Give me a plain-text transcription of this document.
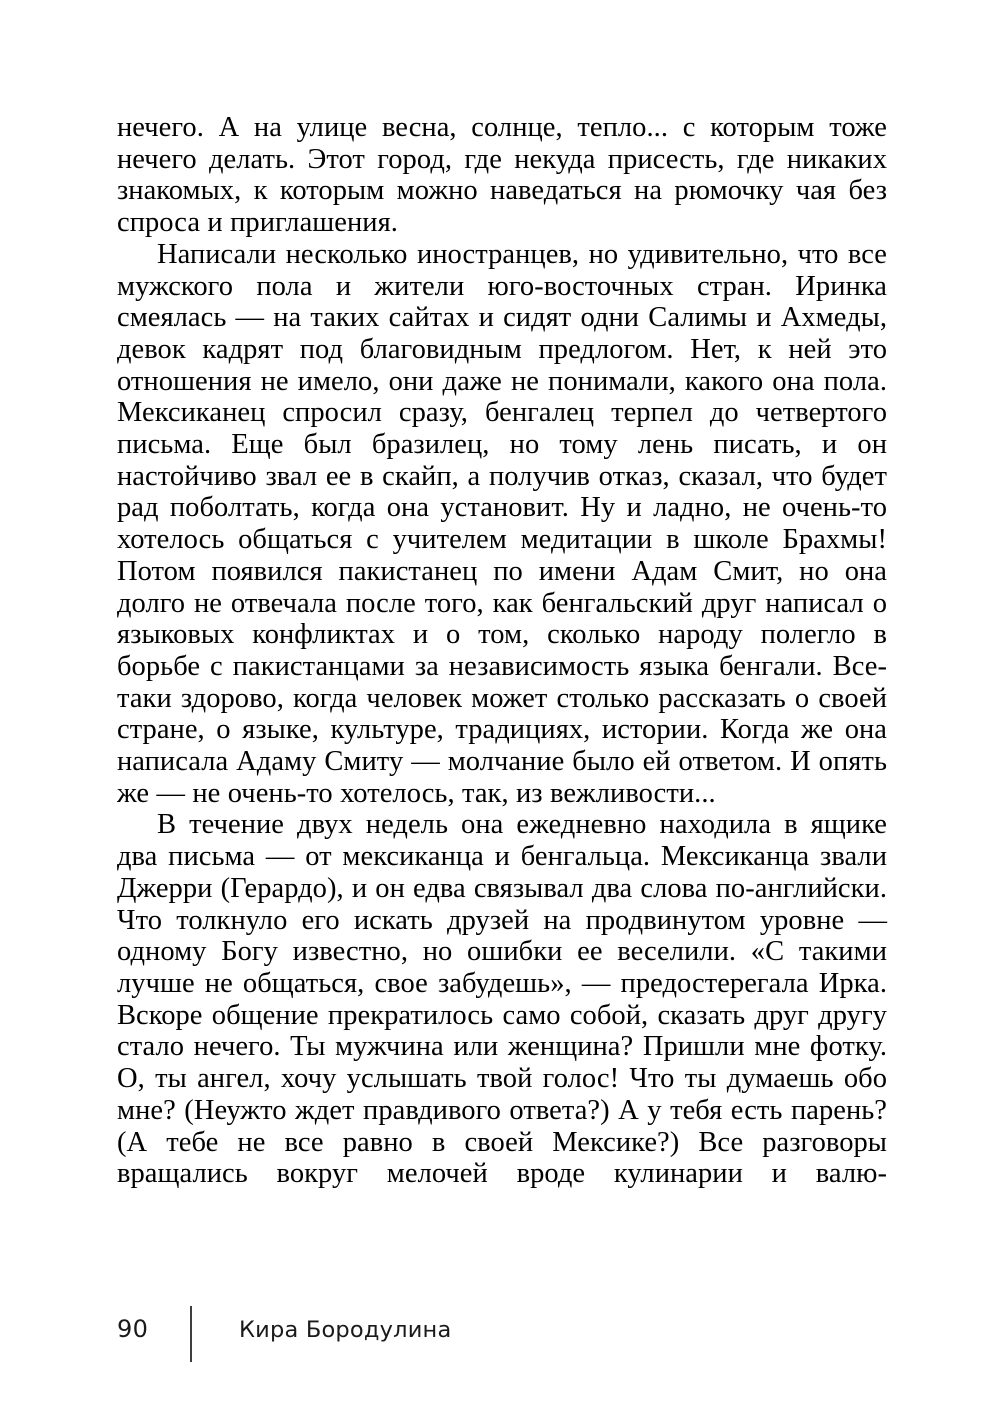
нечего. А на улице весна, солнце, тепло... с которым тоже нечего делать. Этот город, где некуда присесть, где никаких знакомых, к которым можно наведаться на рюмочку чая без спроса и приглашения.

Написали несколько иностранцев, но удивительно, что все мужского пола и жители юго-восточных стран. Иринка смеялась — на таких сайтах и сидят одни Салимы и Ахмеды, девок кадрят под благовидным предлогом. Нет, к ней это отношения не имело, они даже не понимали, какого она пола. Мексиканец спросил сразу, бенгалец терпел до четвертого письма. Еще был бразилец, но тому лень писать, и он настойчиво звал ее в скайп, а получив отказ, сказал, что будет рад поболтать, когда она установит. Ну и ладно, не очень-то хотелось общаться с учителем медитации в школе Брахмы! Потом появился пакистанец по имени Адам Смит, но она долго не отвечала после того, как бенгальский друг написал о языковых конфликтах и о том, сколько народу полегло в борьбе с пакистанцами за независимость языка бенгали. Все-таки здорово, когда человек может столько рассказать о своей стране, о языке, культуре, традициях, истории. Когда же она написала Адаму Смиту — молчание было ей ответом. И опять же — не очень-то хотелось, так, из вежливости...

В течение двух недель она ежедневно находила в ящике два письма — от мексиканца и бенгальца. Мексиканца звали Джерри (Герардо), и он едва связывал два слова по-английски. Что толкнуло его искать друзей на продвинутом уровне — одному Богу известно, но ошибки ее веселили. «С такими лучше не общаться, свое забудешь», — предостерегала Ирка. Вскоре общение прекратилось само собой, сказать друг другу стало нечего. Ты мужчина или женщина? Пришли мне фотку. О, ты ангел, хочу услышать твой голос! Что ты думаешь обо мне? (Неужто ждет правдивого ответа?) А у тебя есть парень? (А тебе не все равно в своей Мексике?) Все разговоры вращались вокруг мелочей вроде кулинарии и валю-

90	Кира Бородулина
